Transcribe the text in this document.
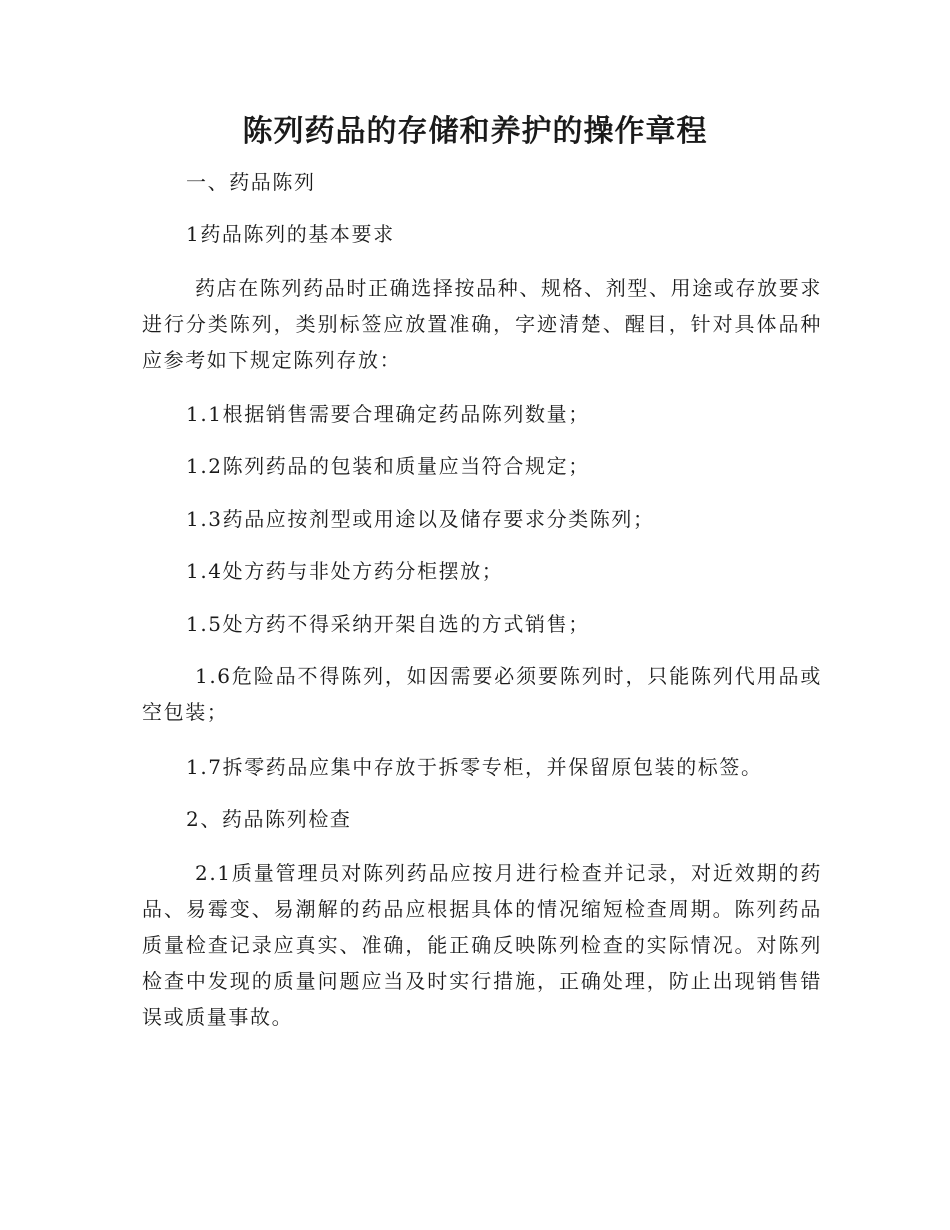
陈列药品的存储和养护的操作章程

一、药品陈列

1药品陈列的基本要求

药店在陈列药品时正确选择按品种、规格、剂型、用途或存放要求进行分类陈列，类别标签应放置准确，字迹清楚、醒目，针对具体品种应参考如下规定陈列存放：

1.1根据销售需要合理确定药品陈列数量；

1.2陈列药品的包装和质量应当符合规定；

1.3药品应按剂型或用途以及储存要求分类陈列；

1.4处方药与非处方药分柜摆放；

1.5处方药不得采纳开架自选的方式销售；

1.6危险品不得陈列，如因需要必须要陈列时，只能陈列代用品或空包装；

1.7拆零药品应集中存放于拆零专柜，并保留原包装的标签。

2、药品陈列检查

2.1质量管理员对陈列药品应按月进行检查并记录，对近效期的药品、易霉变、易潮解的药品应根据具体的情况缩短检查周期。陈列药品质量检查记录应真实、准确，能正确反映陈列检查的实际情况。对陈列检查中发现的质量问题应当及时实行措施，正确处理，防止出现销售错误或质量事故。
